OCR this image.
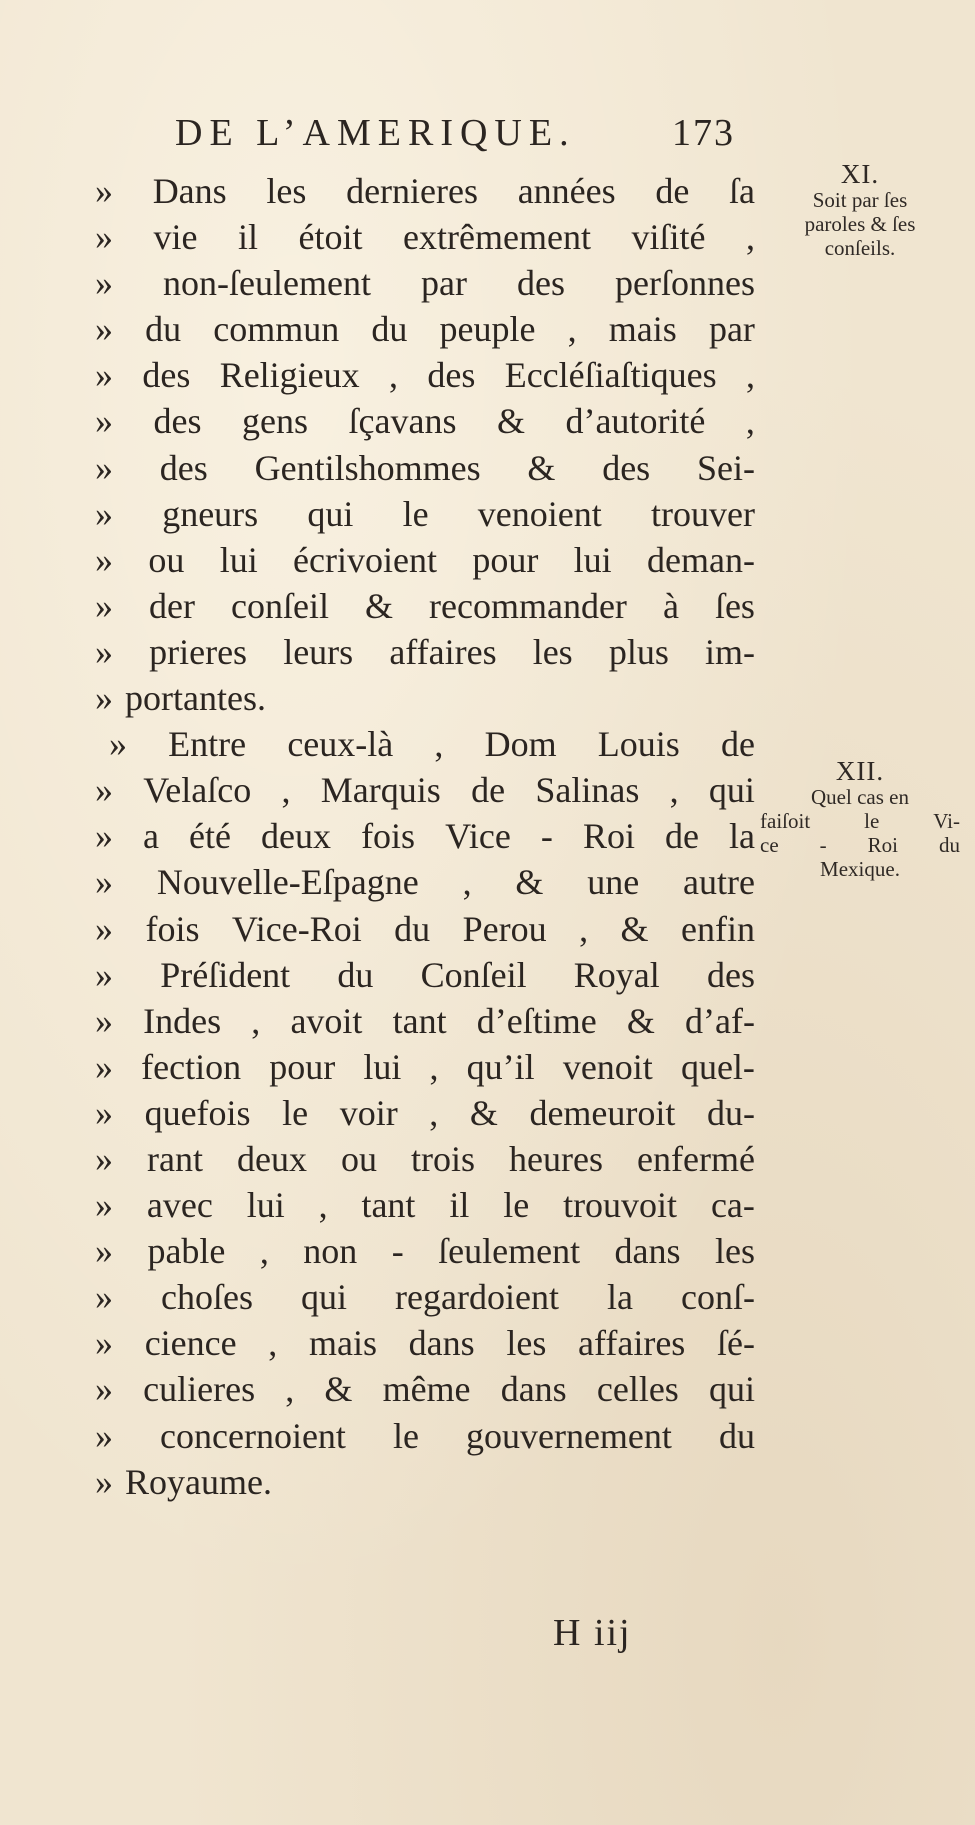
DE L’AMERIQUE.	173
» Dans les dernieres années de ſa
» vie il étoit extrêmement viſité ,
» non-ſeulement par des perſonnes
» du commun du peuple , mais par
» des Religieux , des Eccléſiaſtiques ,
» des gens ſçavans & d’autorité ,
» des Gentilshommes & des Sei-
» gneurs qui le venoient trouver
» ou lui écrivoient pour lui deman-
» der conſeil & recommander à ſes
» prieres leurs affaires les plus im-
» portantes.
» Entre ceux-là , Dom Louis de
» Velaſco , Marquis de Salinas , qui
» a été deux fois Vice - Roi de la
» Nouvelle-Eſpagne , & une autre
» fois Vice-Roi du Perou , & enfin
» Préſident du Conſeil Royal des
» Indes , avoit tant d’eſtime & d’af-
» fection pour lui , qu’il venoit quel-
» quefois le voir , & demeuroit du-
» rant deux ou trois heures enfermé
» avec lui , tant il le trouvoit ca-
» pable , non - ſeulement dans les
» choſes qui regardoient la conſ-
» cience , mais dans les affaires ſé-
» culieres , & même dans celles qui
» concernoient le gouvernement du
» Royaume.
XI.
Soit par ſes
paroles & ſes
conſeils.
XII.
Quel cas en
faiſoit	le	Vi-
ce - Roi du
Mexique.
H iij
